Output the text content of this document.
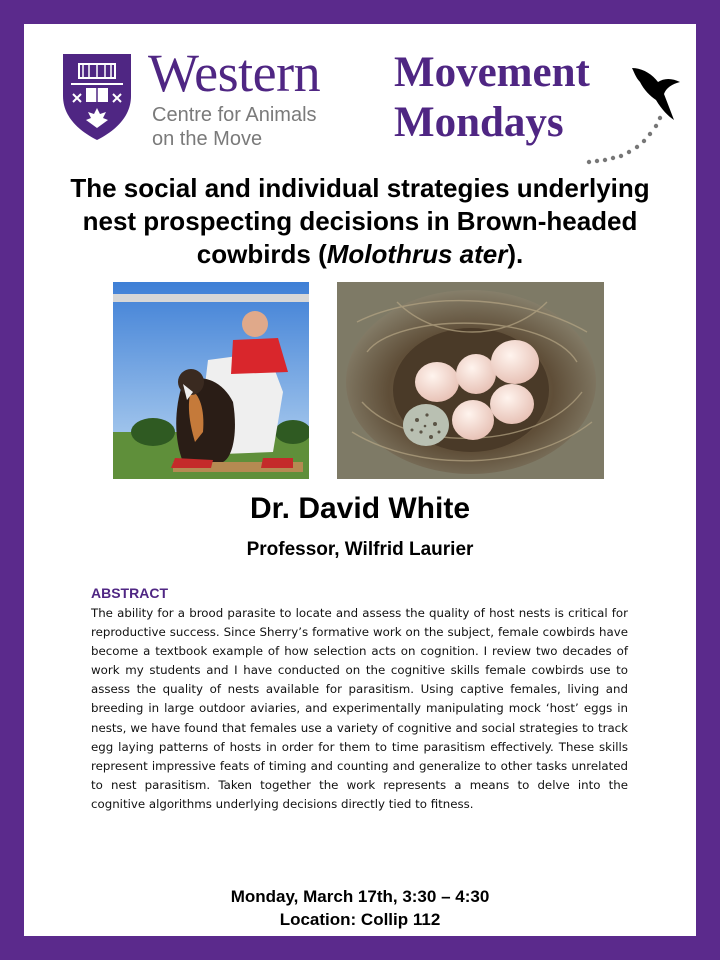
Western
Centre for Animals
on the Move
Movement
Mondays
The social and individual strategies underlying nest prospecting decisions in Brown-headed cowbirds (Molothrus ater).
Dr. David White
Professor, Wilfrid Laurier
ABSTRACT
The ability for a brood parasite to locate and assess the quality of host nests is critical for reproductive success. Since Sherry’s formative work on the subject, female cowbirds have become a textbook example of how selection acts on cognition. I review two decades of work my students and I have conducted on the cognitive skills female cowbirds use to assess the quality of nests available for parasitism. Using captive females, living and breeding in large outdoor aviaries, and experimentally manipulating mock ‘host’ eggs in nests, we have found that females use a variety of cognitive and social strategies to track egg laying patterns of hosts in order for them to time parasitism effectively. These skills represent impressive feats of timing and counting and generalize to other tasks unrelated to nest parasitism. Taken together the work represents a means to delve into the cognitive algorithms underlying decisions directly tied to fitness.
Monday, March 17th, 3:30 – 4:30
Location: Collip 112
